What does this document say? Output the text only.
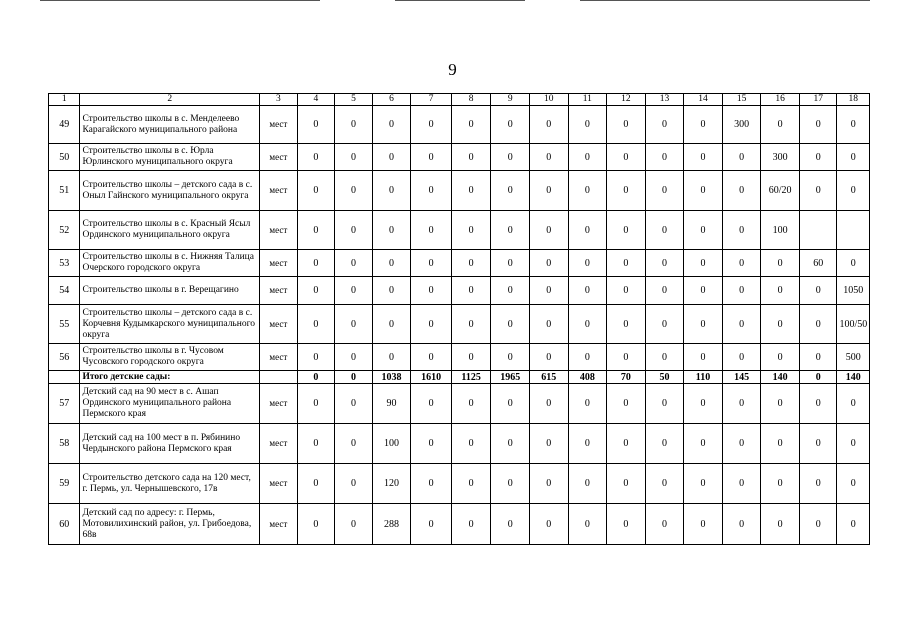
9
1	2	3	4	5	6	7	8	9	10	11	12	13	14	15	16	17	18
49	Строительство школы в с. Менделеево Карагайского муниципального района	мест	0	0	0	0	0	0	0	0	0	0	0	300	0	0	0
50	Строительство школы в с. Юрла Юрлинского муниципального округа	мест	0	0	0	0	0	0	0	0	0	0	0	0	300	0	0
51	Строительство школы – детского сада в с. Оныл Гайнского муниципального округа	мест	0	0	0	0	0	0	0	0	0	0	0	0	60/20	0	0
52	Строительство школы в с. Красный Ясыл Ординского муниципального округа	мест	0	0	0	0	0	0	0	0	0	0	0	0	100		
53	Строительство школы в с. Нижняя Талица Очерского городского округа	мест	0	0	0	0	0	0	0	0	0	0	0	0	0	60	0
54	Строительство школы в г. Верещагино	мест	0	0	0	0	0	0	0	0	0	0	0	0	0	0	1050
55	Строительство школы – детского сада в с. Корчевня Кудымкарского муниципального округа	мест	0	0	0	0	0	0	0	0	0	0	0	0	0	0	100/50
56	Строительство школы в г. Чусовом Чусовского городского округа	мест	0	0	0	0	0	0	0	0	0	0	0	0	0	0	500
	Итого детские сады:		0	0	1038	1610	1125	1965	615	408	70	50	110	145	140	0	140
57	Детский сад на 90 мест в с. Ашап Ординского муниципального района Пермского края	мест	0	0	90	0	0	0	0	0	0	0	0	0	0	0	0
58	Детский сад на 100 мест в п. Рябинино Чердынского района Пермского края	мест	0	0	100	0	0	0	0	0	0	0	0	0	0	0	0
59	Строительство детского сада на 120 мест, г. Пермь, ул. Чернышевского, 17в	мест	0	0	120	0	0	0	0	0	0	0	0	0	0	0	0
60	Детский сад по адресу: г. Пермь, Мотовилихинский район, ул. Грибоедова, 68в	мест	0	0	288	0	0	0	0	0	0	0	0	0	0	0	0
